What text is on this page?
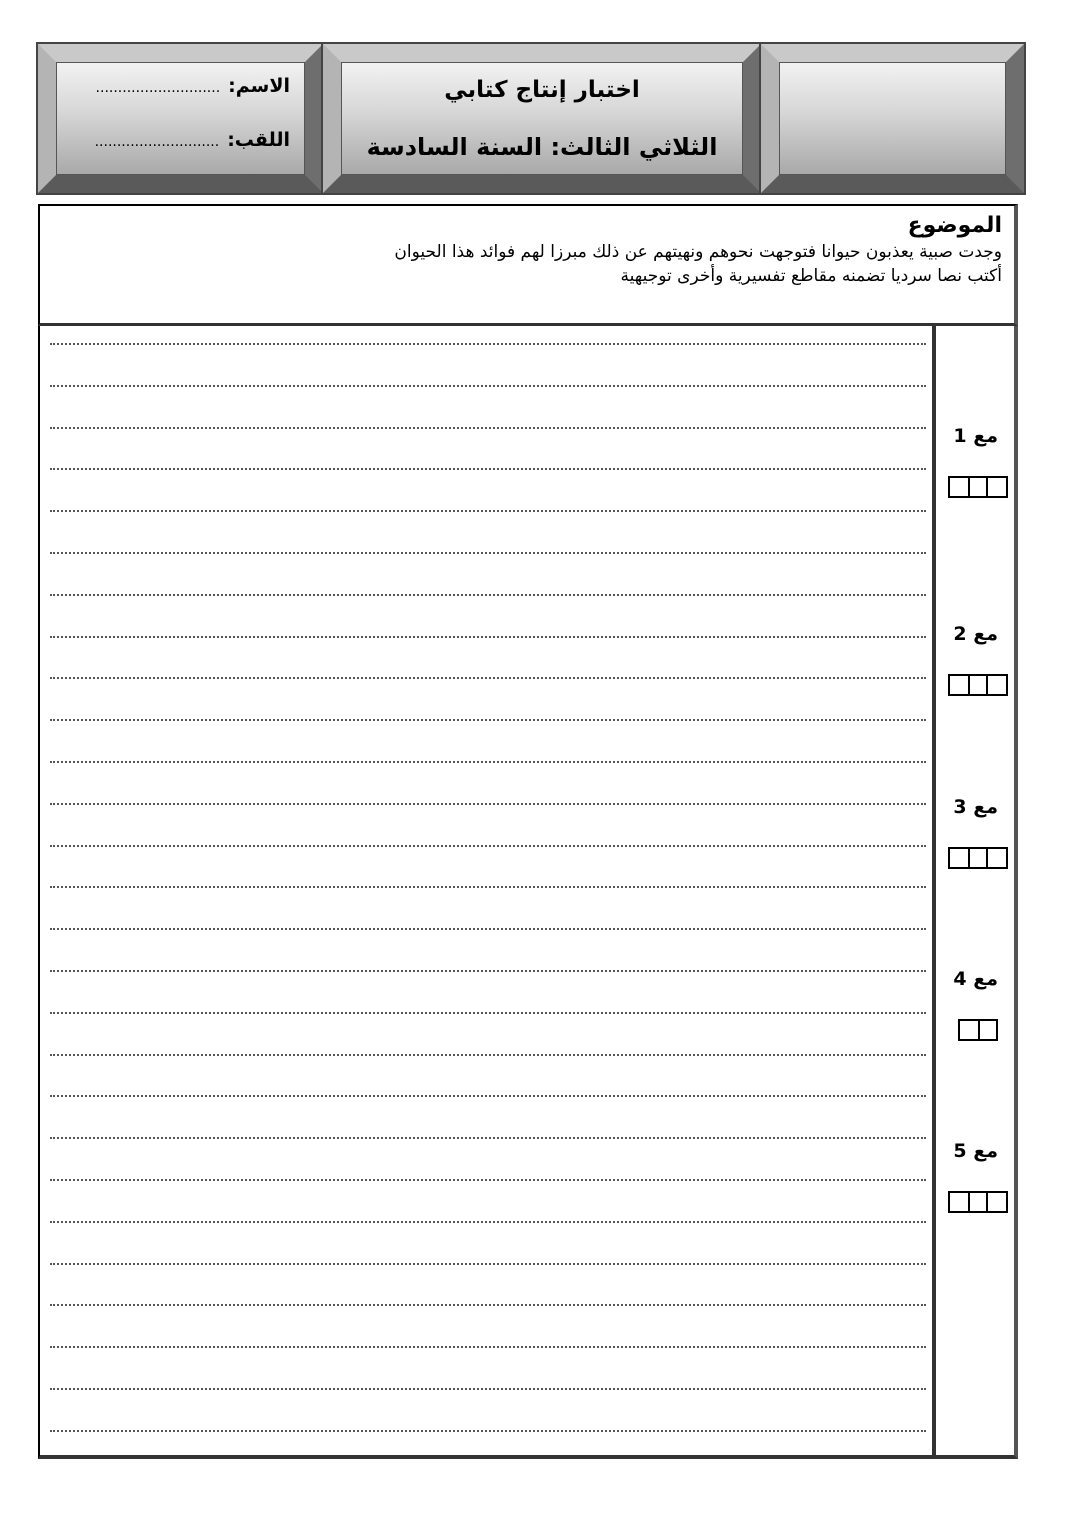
الاسم:............................
اللقب:............................
اختبار إنتاج كتابي
الثلاثي الثالث: السنة السادسة
الموضوع
وجدت صبية يعذبون حيوانا فتوجهت نحوهم ونهيتهم عن ذلك مبرزا لهم فوائد هذا الحيوان
أكتب نصا سرديا تضمنه مقاطع تفسيرية وأخرى توجيهية
مع 1
مع 2
مع 3
مع 4
مع 5
